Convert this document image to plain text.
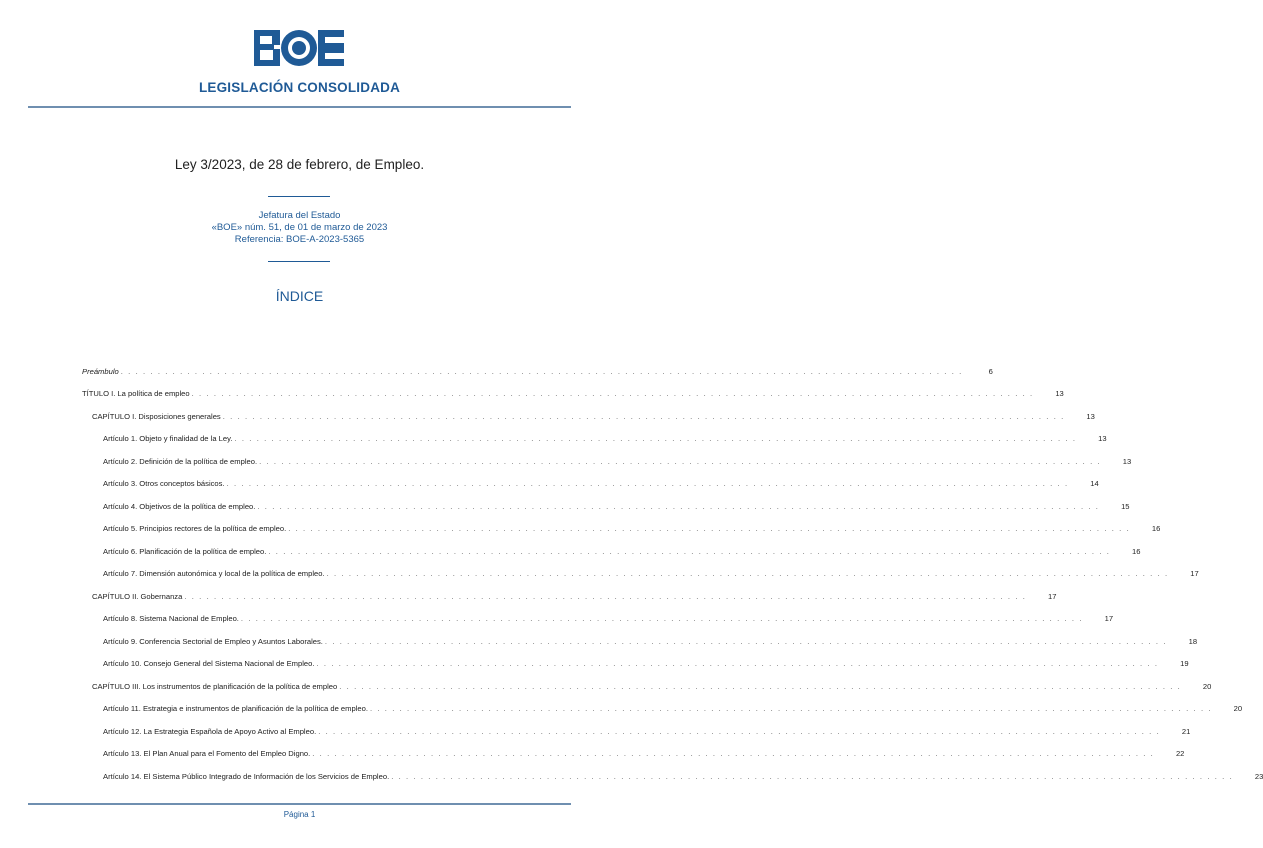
LEGISLACIÓN CONSOLIDADA
Ley 3/2023, de 28 de febrero, de Empleo.
Jefatura del Estado
«BOE» núm. 51, de 01 de marzo de 2023
Referencia: BOE-A-2023-5365
ÍNDICE
Preámbulo . . . . . . . . . . . . . . . . . . . . . . . . . . . . . . . . . . . . . . . . . . . . . . . . . . . . . . . . . . . . . . . . . . . . . . . . . . . . . . . . . . . . . . . . . . . . . . . . . . . . . . . . . . . . . . . . . .	6
TÍTULO I. La política de empleo . . . . . . . . . . . . . . . . . . . . . . . . . . . . . . . . . . . . . . . . . . . . . . . . . . . . . . . . . . . . . . . . . . . . . . . . . . . . . . . . . . . . . . . . . . . . . . . . . . . . . . . . . . . . . . . . . .	13
CAPÍTULO I. Disposiciones generales . . . . . . . . . . . . . . . . . . . . . . . . . . . . . . . . . . . . . . . . . . . . . . . . . . . . . . . . . . . . . . . . . . . . . . . . . . . . . . . . . . . . . . . . . . . . . . . . . . . . . . . . . . . . . . . . . .	13
Artículo 1. Objeto y finalidad de la Ley. . . . . . . . . . . . . . . . . . . . . . . . . . . . . . . . . . . . . . . . . . . . . . . . . . . . . . . . . . . . . . . . . . . . . . . . . . . . . . . . . . . . . . . . . . . . . . . . . . . . . . . . . . . . . . . . . . .	13
Artículo 2. Definición de la política de empleo. . . . . . . . . . . . . . . . . . . . . . . . . . . . . . . . . . . . . . . . . . . . . . . . . . . . . . . . . . . . . . . . . . . . . . . . . . . . . . . . . . . . . . . . . . . . . . . . . . . . . . . . . . . . . . . . . . .	13
Artículo 3. Otros conceptos básicos. . . . . . . . . . . . . . . . . . . . . . . . . . . . . . . . . . . . . . . . . . . . . . . . . . . . . . . . . . . . . . . . . . . . . . . . . . . . . . . . . . . . . . . . . . . . . . . . . . . . . . . . . . . . . . . . . . .	14
Artículo 4. Objetivos de la política de empleo. . . . . . . . . . . . . . . . . . . . . . . . . . . . . . . . . . . . . . . . . . . . . . . . . . . . . . . . . . . . . . . . . . . . . . . . . . . . . . . . . . . . . . . . . . . . . . . . . . . . . . . . . . . . . . . . . . .	15
Artículo 5. Principios rectores de la política de empleo. . . . . . . . . . . . . . . . . . . . . . . . . . . . . . . . . . . . . . . . . . . . . . . . . . . . . . . . . . . . . . . . . . . . . . . . . . . . . . . . . . . . . . . . . . . . . . . . . . . . . . . . . . . . . . . . . . .	16
Artículo 6. Planificación de la política de empleo. . . . . . . . . . . . . . . . . . . . . . . . . . . . . . . . . . . . . . . . . . . . . . . . . . . . . . . . . . . . . . . . . . . . . . . . . . . . . . . . . . . . . . . . . . . . . . . . . . . . . . . . . . . . . . . . . . .	16
Artículo 7. Dimensión autonómica y local de la política de empleo. . . . . . . . . . . . . . . . . . . . . . . . . . . . . . . . . . . . . . . . . . . . . . . . . . . . . . . . . . . . . . . . . . . . . . . . . . . . . . . . . . . . . . . . . . . . . . . . . . . . . . . . . . . . . . . . . . .	17
CAPÍTULO II. Gobernanza . . . . . . . . . . . . . . . . . . . . . . . . . . . . . . . . . . . . . . . . . . . . . . . . . . . . . . . . . . . . . . . . . . . . . . . . . . . . . . . . . . . . . . . . . . . . . . . . . . . . . . . . . . . . . . . . . .	17
Artículo 8. Sistema Nacional de Empleo. . . . . . . . . . . . . . . . . . . . . . . . . . . . . . . . . . . . . . . . . . . . . . . . . . . . . . . . . . . . . . . . . . . . . . . . . . . . . . . . . . . . . . . . . . . . . . . . . . . . . . . . . . . . . . . . . . .	17
Artículo 9. Conferencia Sectorial de Empleo y Asuntos Laborales. . . . . . . . . . . . . . . . . . . . . . . . . . . . . . . . . . . . . . . . . . . . . . . . . . . . . . . . . . . . . . . . . . . . . . . . . . . . . . . . . . . . . . . . . . . . . . . . . . . . . . . . . . . . . . . . . . .	18
Artículo 10. Consejo General del Sistema Nacional de Empleo. . . . . . . . . . . . . . . . . . . . . . . . . . . . . . . . . . . . . . . . . . . . . . . . . . . . . . . . . . . . . . . . . . . . . . . . . . . . . . . . . . . . . . . . . . . . . . . . . . . . . . . . . . . . . . . . . . .	19
CAPÍTULO III. Los instrumentos de planificación de la política de empleo . . . . . . . . . . . . . . . . . . . . . . . . . . . . . . . . . . . . . . . . . . . . . . . . . . . . . . . . . . . . . . . . . . . . . . . . . . . . . . . . . . . . . . . . . . . . . . . . . . . . . . . . . . . . . . . . . .	20
Artículo 11. Estrategia e instrumentos de planificación de la política de empleo. . . . . . . . . . . . . . . . . . . . . . . . . . . . . . . . . . . . . . . . . . . . . . . . . . . . . . . . . . . . . . . . . . . . . . . . . . . . . . . . . . . . . . . . . . . . . . . . . . . . . . . . . . . . . . . . . . .	20
Artículo 12. La Estrategia Española de Apoyo Activo al Empleo. . . . . . . . . . . . . . . . . . . . . . . . . . . . . . . . . . . . . . . . . . . . . . . . . . . . . . . . . . . . . . . . . . . . . . . . . . . . . . . . . . . . . . . . . . . . . . . . . . . . . . . . . . . . . . . . . . .	21
Artículo 13. El Plan Anual para el Fomento del Empleo Digno. . . . . . . . . . . . . . . . . . . . . . . . . . . . . . . . . . . . . . . . . . . . . . . . . . . . . . . . . . . . . . . . . . . . . . . . . . . . . . . . . . . . . . . . . . . . . . . . . . . . . . . . . . . . . . . . . . .	22
Artículo 14. El Sistema Público Integrado de Información de los Servicios de Empleo. . . . . . . . . . . . . . . . . . . . . . . . . . . . . . . . . . . . . . . . . . . . . . . . . . . . . . . . . . . . . . . . . . . . . . . . . . . . . . . . . . . . . . . . . . . . . . . . . . . . . . . . . . . . . . . . . . .	23
Página 1
